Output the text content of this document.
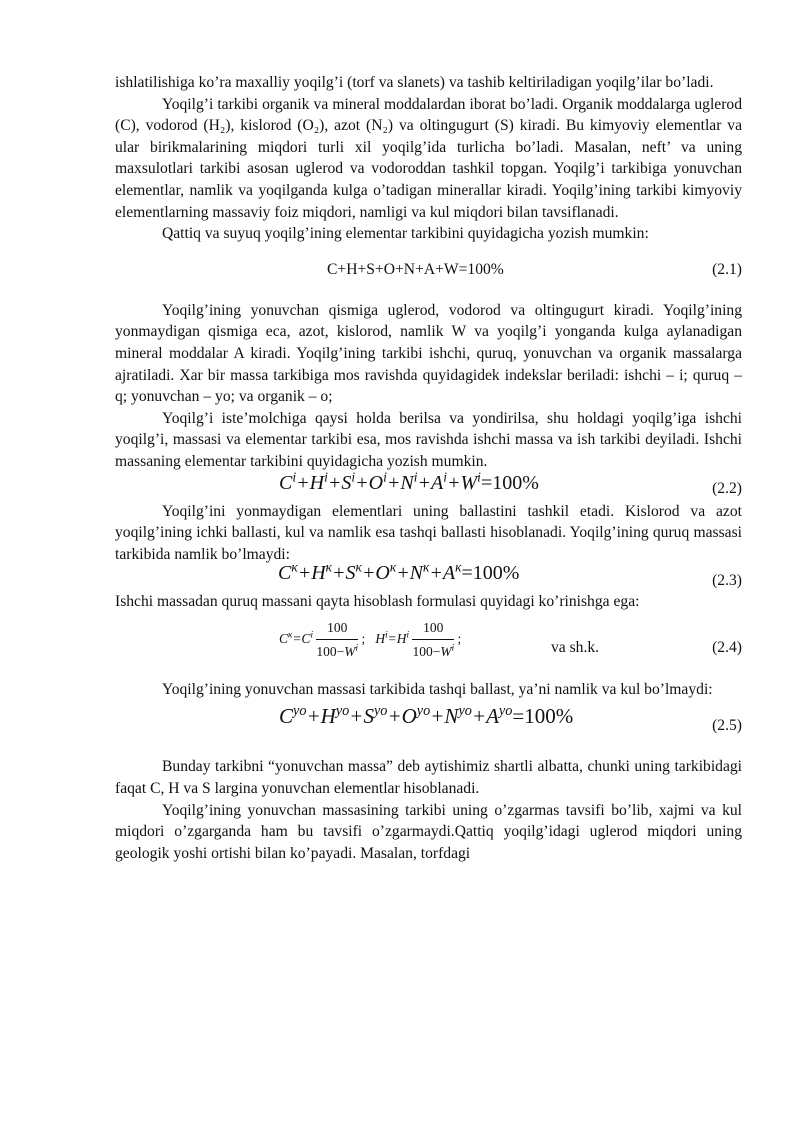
ishlatilishiga ko’ra maxalliy yoqilg’i (torf va slanets) va tashib keltiriladigan yoqilg’ilar bo’ladi.

Yoqilg’i tarkibi organik va mineral moddalardan iborat bo’ladi. Organik moddalarga uglerod (C), vodorod (H₂), kislorod (O₂), azot (N₂) va oltingugurt (S) kiradi. Bu kimyoviy elementlar va ular birikmalarining miqdori turli xil yoqilg’ida turlicha bo’ladi. Masalan, neft’ va uning maxsulotlari tarkibi asosan uglerod va vodoroddan tashkil topgan. Yoqilg’i tarkibiga yonuvchan elementlar, namlik va yoqilganda kulga o’tadigan minerallar kiradi. Yoqilg’ining tarkibi kimyoviy elementlarning massaviy foiz miqdori, namligi va kul miqdori bilan tavsiflanadi.

Qattiq va suyuq yoqilg’ining elementar tarkibini quyidagicha yozish mumkin:

C+H+S+O+N+A+W=100%	(2.1)

Yoqilg’ining yonuvchan qismiga uglerod, vodorod va oltingugurt kiradi. Yoqilg’ining yonmaydigan qismiga eca, azot, kislorod, namlik W va yoqilg’i yonganda kulga aylanadigan mineral moddalar A kiradi. Yoqilg’ining tarkibi ishchi, quruq, yonuvchan va organik massalarga ajratiladi. Xar bir massa tarkibiga mos ravishda quyidagidek indekslar beriladi: ishchi – i; quruq – q; yonuvchan – yo; va organik – o;

Yoqilg’i iste’molchiga qaysi holda berilsa va yondirilsa, shu holdagi yoqilg’iga ishchi yoqilg’i, massasi va elementar tarkibi esa, mos ravishda ishchi massa va ish tarkibi deyiladi. Ishchi massaning elementar tarkibini quyidagicha yozish mumkin.

$C^i+H^i+S^i+O^i+N^i+A^i+W^i=100\%$	(2.2)

Yoqilg’ini yonmaydigan elementlari uning ballastini tashkil etadi. Kislorod va azot yoqilg’ining ichki ballasti, kul va namlik esa tashqi ballasti hisoblanadi. Yoqilg’ining quruq massasi tarkibida namlik bo’lmaydi:

$C^к+H^к+S^к+O^к+N^к+A^к=100\%$	(2.3)

Ishchi massadan quruq massani qayta hisoblash formulasi quyidagi ko’rinishga ega:

$C^к=C^i \frac{100}{100-W^i}$ ;   $H^i=H^i \frac{100}{100-W^i}$ ;
va sh.k.	(2.4)

Yoqilg’ining yonuvchan massasi tarkibida tashqi ballast, ya’ni namlik va kul bo’lmaydi:

$C^{yo}+H^{yo}+S^{yo}+O^{yo}+N^{yo}+A^{yo}=100\%$	(2.5)

Bunday tarkibni “yonuvchan massa” deb aytishimiz shartli albatta, chunki uning tarkibidagi faqat C, H va S largina yonuvchan elementlar hisoblanadi.

Yoqilg’ining yonuvchan massasining tarkibi uning o’zgarmas tavsifi bo’lib, xajmi va kul miqdori o’zgarganda ham bu tavsifi o’zgarmaydi.Qattiq yoqilg’idagi uglerod miqdori uning geologik yoshi ortishi bilan ko’payadi. Masalan, torfdagi
